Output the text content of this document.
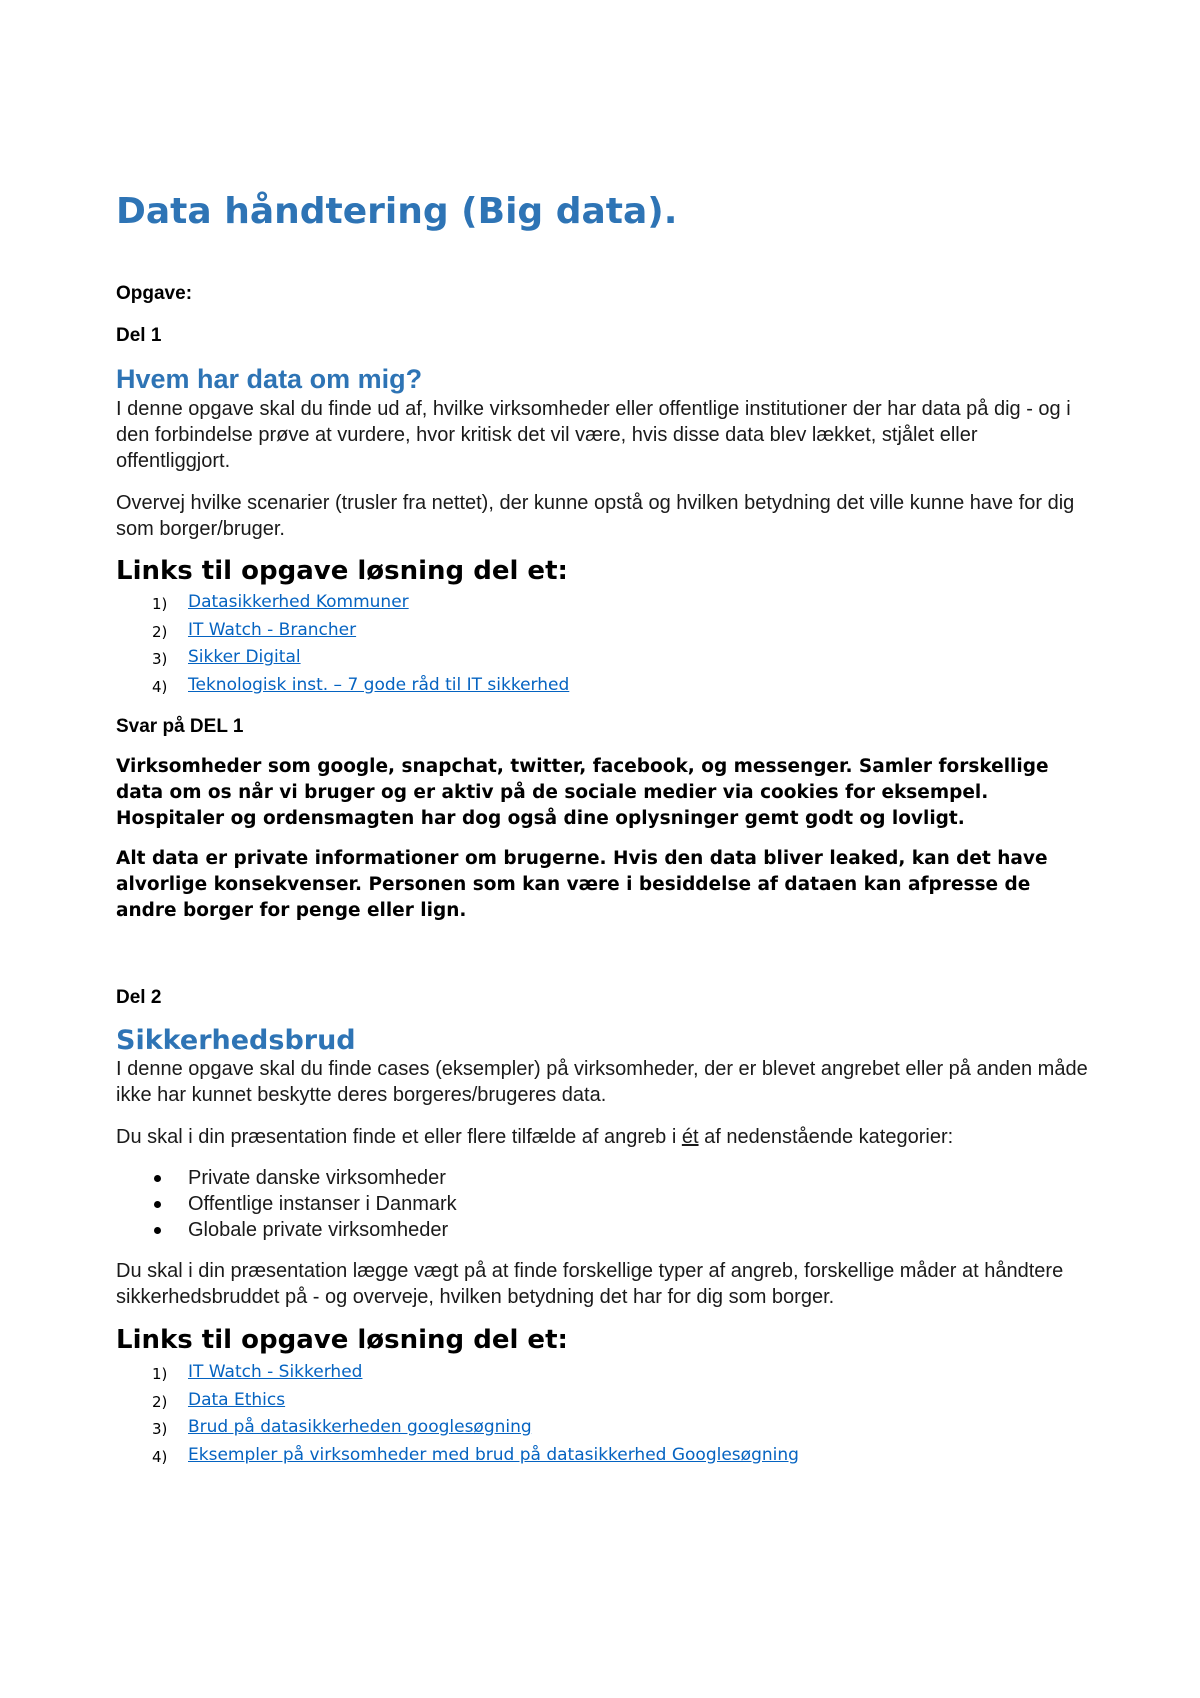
Data håndtering (Big data).
Opgave:
Del 1
Hvem har data om mig?

I denne opgave skal du finde ud af, hvilke virksomheder eller offentlige institutioner der har data på dig - og i den forbindelse prøve at vurdere, hvor kritisk det vil være, hvis disse data blev lækket, stjålet eller offentliggjort.

Overvej hvilke scenarier (trusler fra nettet), der kunne opstå og hvilken betydning det ville kunne have for dig som borger/bruger.

Links til opgave løsning del et:
1) Datasikkerhed Kommuner
2) IT Watch - Brancher
3) Sikker Digital
4) Teknologisk inst. – 7 gode råd til IT sikkerhed
Svar på DEL 1

Virksomheder som google, snapchat, twitter, facebook, og messenger. Samler forskellige data om os når vi bruger og er aktiv på de sociale medier via cookies for eksempel. Hospitaler og ordensmagten har dog også dine oplysninger gemt godt og lovligt.

Alt data er private informationer om brugerne. Hvis den data bliver leaked, kan det have alvorlige konsekvenser. Personen som kan være i besiddelse af dataen kan afpresse de andre borger for penge eller lign.

Del 2
Sikkerhedsbrud

I denne opgave skal du finde cases (eksempler) på virksomheder, der er blevet angrebet eller på anden måde ikke har kunnet beskytte deres borgeres/brugeres data.

Du skal i din præsentation finde et eller flere tilfælde af angreb i ét af nedenstående kategorier:

Private danske virksomheder
Offentlige instanser i Danmark
Globale private virksomheder

Du skal i din præsentation lægge vægt på at finde forskellige typer af angreb, forskellige måder at håndtere sikkerhedsbruddet på - og overveje, hvilken betydning det har for dig som borger.

Links til opgave løsning del et:
1) IT Watch - Sikkerhed
2) Data Ethics
3) Brud på datasikkerheden googlesøgning
4) Eksempler på virksomheder med brud på datasikkerhed Googlesøgning
